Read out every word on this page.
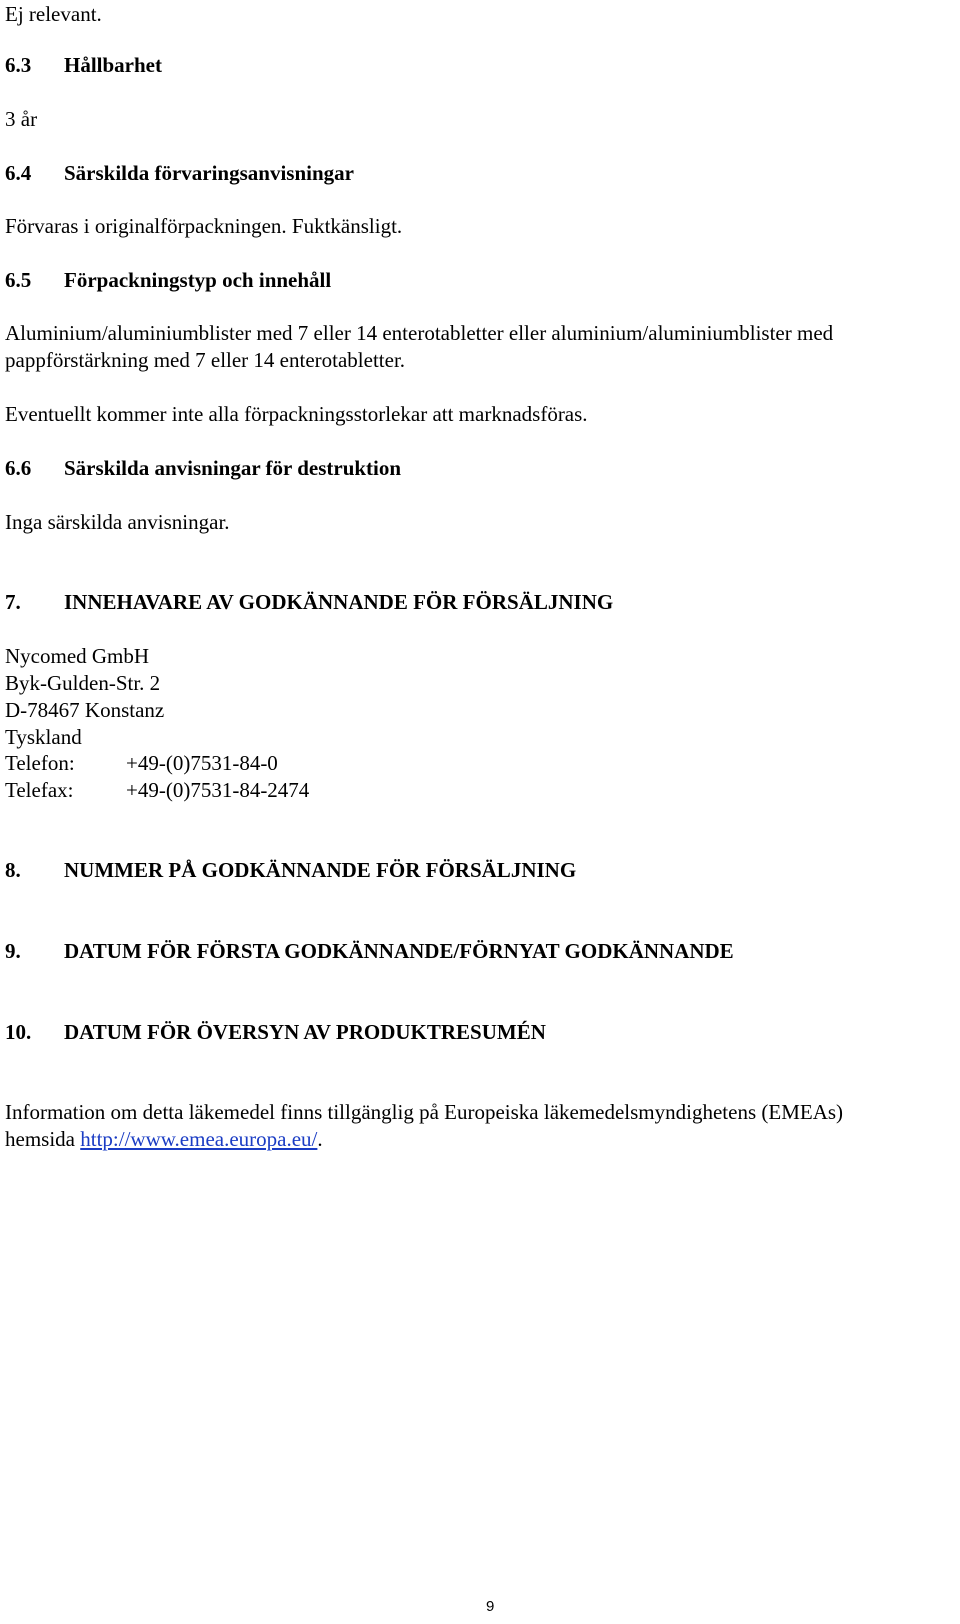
Ej relevant.
6.3 Hållbarhet
3 år
6.4 Särskilda förvaringsanvisningar
Förvaras i originalförpackningen. Fuktkänsligt.
6.5 Förpackningstyp och innehåll
Aluminium/aluminiumblister med 7 eller 14 enterotabletter eller aluminium/aluminiumblister med
pappförstärkning med 7 eller 14 enterotabletter.
Eventuellt kommer inte alla förpackningsstorlekar att marknadsföras.
6.6 Särskilda anvisningar för destruktion
Inga särskilda anvisningar.
7. INNEHAVARE AV GODKÄNNANDE FÖR FÖRSÄLJNING
Nycomed GmbH
Byk-Gulden-Str. 2
D-78467 Konstanz
Tyskland
Telefon: +49-(0)7531-84-0
Telefax:	+49-(0)7531-84-2474
8. NUMMER PÅ GODKÄNNANDE FÖR FÖRSÄLJNING
9. DATUM FÖR FÖRSTA GODKÄNNANDE/FÖRNYAT GODKÄNNANDE
10. DATUM FÖR ÖVERSYN AV PRODUKTRESUMÉN
Information om detta läkemedel finns tillgänglig på Europeiska läkemedelsmyndighetens (EMEAs)
hemsida http://www.emea.europa.eu/.
9
